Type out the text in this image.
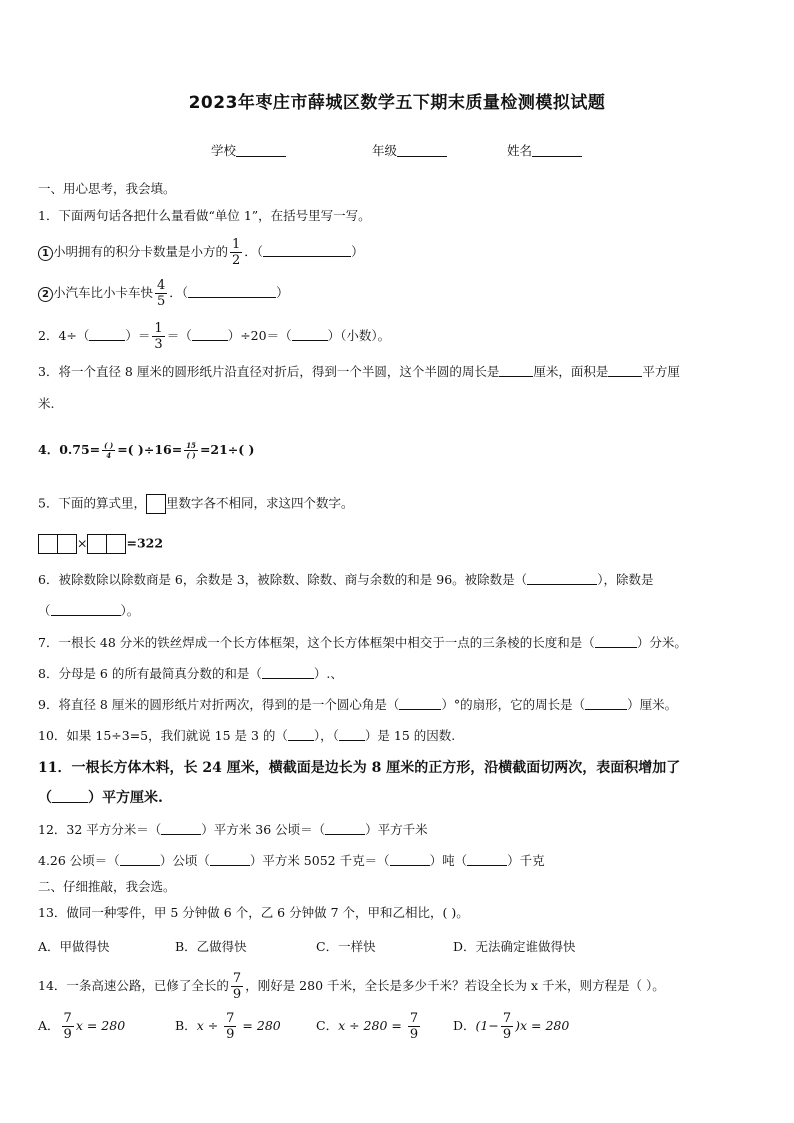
2023年枣庄市薛城区数学五下期末质量检测模拟试题
学校	年级	姓名
一、用心思考，我会填。
1．下面两句话各把什么量看做“单位 1”，在括号里写一写。
1 小明拥有的积分卡数量是小方的 $\frac{1}{2}$ ．（	）
2 小汽车比小卡车快 $\frac{4}{5}$ ．（	）
2．4÷（	）＝ $\frac{1}{3}$ ＝（	）÷20＝（	）（小数）。
3．将一个直径 8 厘米的圆形纸片沿直径对折后，得到一个半圆，这个半圆的周长是	厘米，面积是	平方厘
米.
4．$0.75= \frac{( )}{4}$ =( )$\div 16= \frac{15}{( )} =21\div$( )
5．下面的算式里， 里数字各不相同，求这四个数字。
×	=322
6．被除数除以除数商是 6，余数是 3，被除数、除数、商与余数的和是 96。被除数是（	），除数是
（	）。
7．一根长 48 分米的铁丝焊成一个长方体框架，这个长方体框架中相交于一点的三条棱的长度和是（	）分米。
8．分母是 6 的所有最简真分数的和是（	）.、
9．将直径 8 厘米的圆形纸片对折两次，得到的是一个圆心角是（	）°的扇形，它的周长是（	）厘米。
10．如果 15÷3=5，我们就说 15 是 3 的（ ），（ ）是 15 的因数.
11．一根长方体木料，长 24 厘米，横截面是边长为 8 厘米的正方形，沿横截面切两次，表面积增加了
（	）平方厘米.
12．32 平方分米＝（	）平方米 36 公顷＝（	）平方千米
4.26 公顷＝（	）公顷（	）平方米 5052 千克＝（	）吨（	）千克
二、仔细推敲，我会选。
13．做同一种零件，甲 5 分钟做 6 个，乙 6 分钟做 7 个，甲和乙相比，( )。
A．甲做得快	B．乙做得快	C．一样快	D．无法确定谁做得快
14．一条高速公路，已修了全长的 $\frac{7}{9}$ ，刚好是 280 千米，全长是多少千米？若设全长为 x 千米，则方程是（ ）。
A． $\frac{7}{9}$ x = 280	B．$x \div \frac{7}{9} = 280$	C．$x \div 280 = \frac{7}{9}$	D．$(1- \frac{7}{9} )x = 280$
